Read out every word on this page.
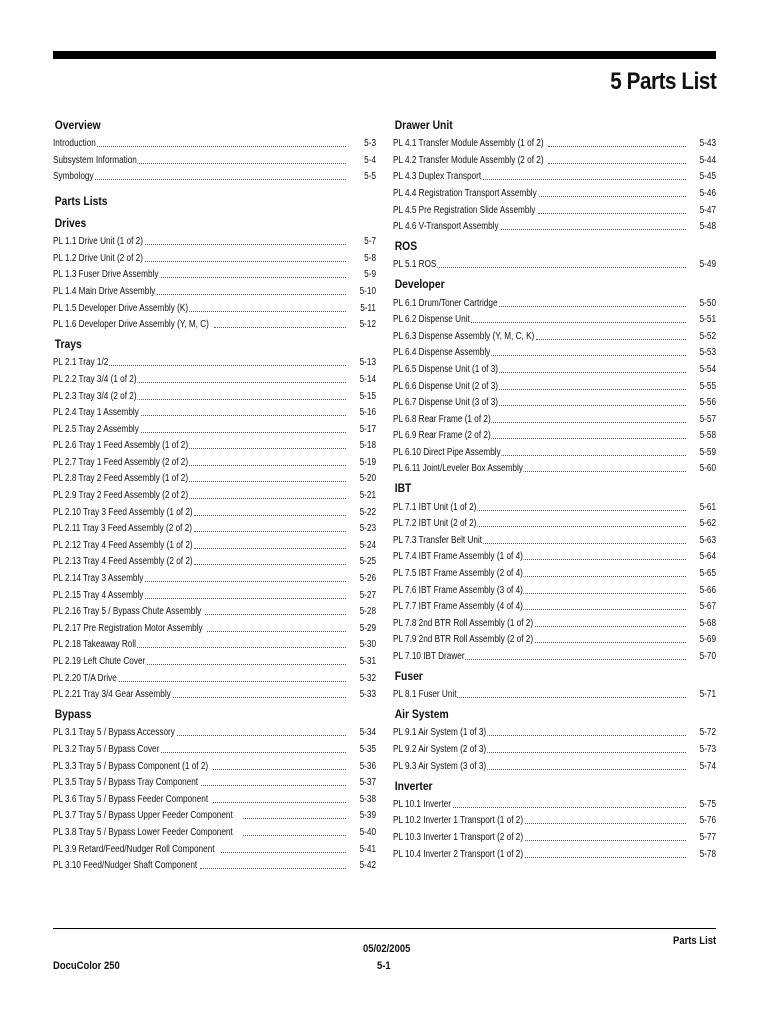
5 Parts List
Overview
Introduction	5-3
Subsystem Information	5-4
Symbology	5-5
Parts Lists
Drives
PL 1.1 Drive Unit (1 of 2)	5-7
PL 1.2 Drive Unit (2 of 2)	5-8
PL 1.3 Fuser Drive Assembly	5-9
PL 1.4 Main Drive Assembly	5-10
PL 1.5 Developer Drive Assembly (K)	5-11
PL 1.6 Developer Drive Assembly (Y, M, C)	5-12
Trays
PL 2.1 Tray 1/2	5-13
PL 2.2 Tray 3/4 (1 of 2)	5-14
PL 2.3 Tray 3/4 (2 of 2)	5-15
PL 2.4 Tray 1 Assembly	5-16
PL 2.5 Tray 2 Assembly	5-17
PL 2.6 Tray 1 Feed Assembly (1 of 2)	5-18
PL 2.7 Tray 1 Feed Assembly (2 of 2)	5-19
PL 2.8 Tray 2 Feed Assembly (1 of 2)	5-20
PL 2.9 Tray 2 Feed Assembly (2 of 2)	5-21
PL 2.10 Tray 3 Feed Assembly (1 of 2)	5-22
PL 2.11 Tray 3 Feed Assembly (2 of 2)	5-23
PL 2.12 Tray 4 Feed Assembly (1 of 2)	5-24
PL 2.13 Tray 4 Feed Assembly (2 of 2)	5-25
PL 2.14 Tray 3 Assembly	5-26
PL 2.15 Tray 4 Assembly	5-27
PL 2.16 Tray 5 / Bypass Chute Assembly	5-28
PL 2.17 Pre Registration Motor Assembly	5-29
PL 2.18 Takeaway Roll	5-30
PL 2.19 Left Chute Cover	5-31
PL 2.20 T/A Drive	5-32
PL 2.21 Tray 3/4 Gear Assembly	5-33
Bypass
PL 3.1 Tray 5 / Bypass Accessory	5-34
PL 3.2 Tray 5 / Bypass Cover	5-35
PL 3.3 Tray 5 / Bypass Component (1 of 2)	5-36
PL 3.5 Tray 5 / Bypass Tray Component	5-37
PL 3.6 Tray 5 / Bypass Feeder Component	5-38
PL 3.7 Tray 5 / Bypass Upper Feeder Component	5-39
PL 3.8 Tray 5 / Bypass Lower Feeder Component	5-40
PL 3.9 Retard/Feed/Nudger Roll Component	5-41
PL 3.10 Feed/Nudger Shaft Component	5-42
Drawer Unit
PL 4.1 Transfer Module Assembly (1 of 2)	5-43
PL 4.2 Transfer Module Assembly (2 of 2)	5-44
PL 4.3 Duplex Transport	5-45
PL 4.4 Registration Transport Assembly	5-46
PL 4.5 Pre Registration Slide Assembly	5-47
PL 4.6 V-Transport Assembly	5-48
ROS
PL 5.1 ROS	5-49
Developer
PL 6.1 Drum/Toner Cartridge	5-50
PL 6.2 Dispense Unit	5-51
PL 6.3 Dispense Assembly (Y, M, C, K)	5-52
PL 6.4 Dispense Assembly	5-53
PL 6.5 Dispense Unit (1 of 3)	5-54
PL 6.6 Dispense Unit (2 of 3)	5-55
PL 6.7 Dispense Unit (3 of 3)	5-56
PL 6.8 Rear Frame (1 of 2)	5-57
PL 6.9 Rear Frame (2 of 2)	5-58
PL 6.10 Direct Pipe Assembly	5-59
PL 6.11 Joint/Leveler Box Assembly	5-60
IBT
PL 7.1 IBT Unit (1 of 2)	5-61
PL 7.2 IBT Unit (2 of 2)	5-62
PL 7.3 Transfer Belt Unit	5-63
PL 7.4 IBT Frame Assembly (1 of 4)	5-64
PL 7.5 IBT Frame Assembly (2 of 4)	5-65
PL 7.6 IBT Frame Assembly (3 of 4)	5-66
PL 7.7 IBT Frame Assembly (4 of 4)	5-67
PL 7.8 2nd BTR Roll Assembly (1 of 2)	5-68
PL 7.9 2nd BTR Roll Assembly (2 of 2)	5-69
PL 7.10 IBT Drawer	5-70
Fuser
PL 8.1 Fuser Unit	5-71
Air System
PL 9.1 Air System (1 of 3)	5-72
PL 9.2 Air System (2 of 3)	5-73
PL 9.3 Air System (3 of 3)	5-74
Inverter
PL 10.1 Inverter	5-75
PL 10.2 Inverter 1 Transport (1 of 2)	5-76
PL 10.3 Inverter 1 Transport (2 of 2)	5-77
PL 10.4 Inverter 2 Transport (1 of 2)	5-78
Parts List
05/02/2005
5-1
DocuColor 250
